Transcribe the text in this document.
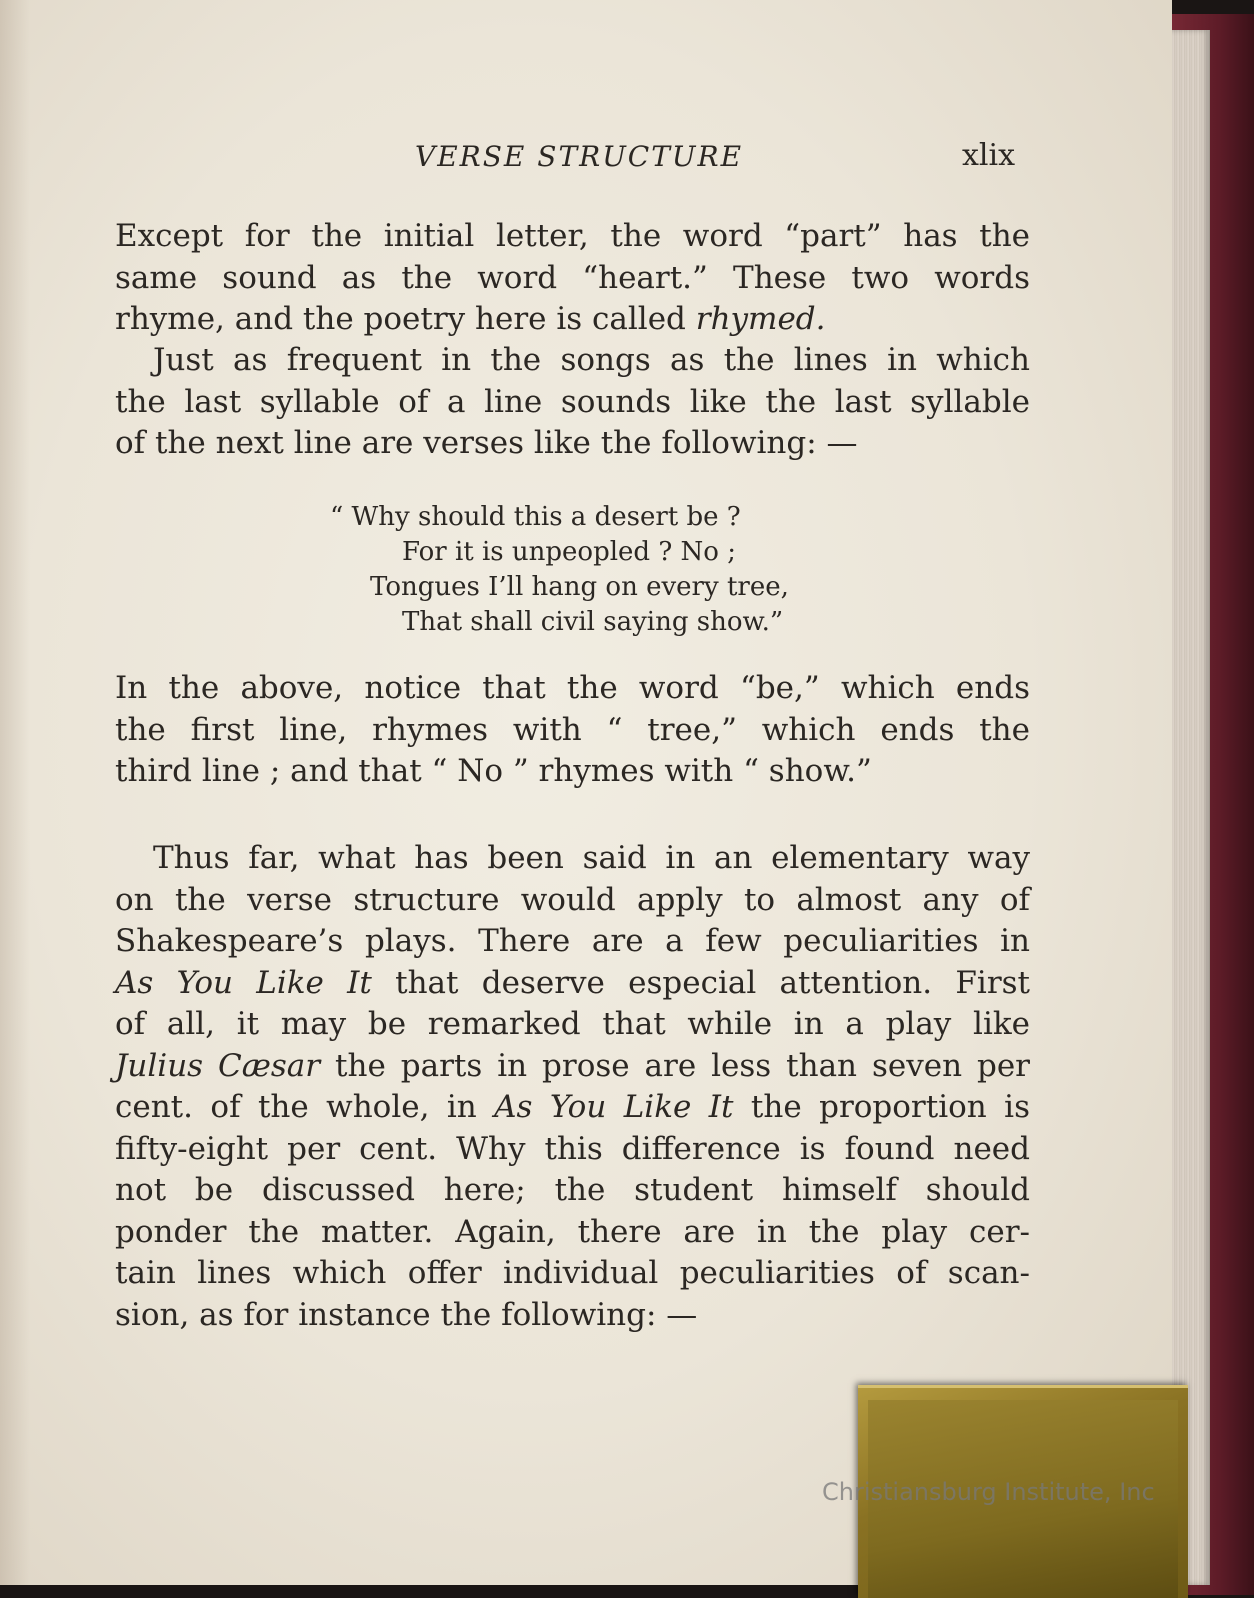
VERSE STRUCTURE	xlix

Except for the initial letter, the word “part” has the
same sound as the word “heart.” These two words
rhyme, and the poetry here is called rhymed.

Just as frequent in the songs as the lines in which
the last syllable of a line sounds like the last syllable
of the next line are verses like the following: —

“ Why should this a desert be ?
For it is unpeopled ? No ;
Tongues I’ll hang on every tree,
That shall civil saying show.”

In the above, notice that the word “be,” which ends
the first line, rhymes with “ tree,” which ends the
third line ; and that “ No ” rhymes with “ show.”

Thus far, what has been said in an elementary way
on the verse structure would apply to almost any of
Shakespeare’s plays. There are a few peculiarities in
As You Like It that deserve especial attention. First
of all, it may be remarked that while in a play like
Julius Cæsar the parts in prose are less than seven per
cent. of the whole, in As You Like It the proportion is
fifty-eight per cent. Why this difference is found need
not be discussed here; the student himself should
ponder the matter. Again, there are in the play cer-
tain lines which offer individual peculiarities of scan-
sion, as for instance the following: —

Christiansburg Institute, Inc
